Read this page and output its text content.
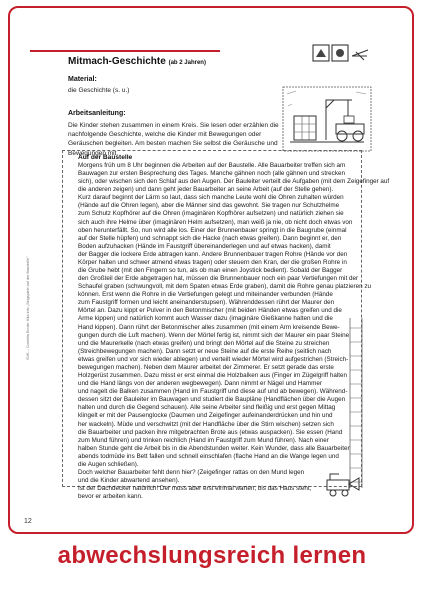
Mitmach-Geschichte (ab 2 Jahren)
Material:
die Geschichte (s. u.)
Arbeitsanleitung:
Die Kinder stehen zusammen in einem Kreis. Sie lesen oder erzählen die nachfolgende Geschichte, welche die Kinder mit Bewegungen oder Geräuschen begleiten. Am besten machen Sie selbst die Geräusche und Bewegungen mit.
Auf der Baustelle

Morgens früh um 8 Uhr beginnen die Arbeiten auf der Baustelle. Alle Bauarbeiter treffen sich am

Bauwagen zur ersten Besprechung des Tages. Manche gähnen noch (alle gähnen und strecken

sich), oder wischen sich den Schlaf aus den Augen. Der Bauleiter verteilt die Aufgaben (mit dem Zeigefinger auf

die anderen zeigen) und dann geht jeder Bauarbeiter an seine Arbeit (auf der Stelle gehen).

Kurz darauf beginnt der Lärm so laut, dass sich manche Leute wohl die Ohren zuhalten würden

(Hände auf die Ohren legen), aber die Männer sind das gewohnt. Sie tragen nur Schutzhelme

zum Schutz Kopfhörer auf die Ohren (imaginären Kopfhörer aufsetzen) und natürlich ziehen sie

sich auch ihre Helme über (imaginären Helm aufsetzen), man weiß ja nie, ob nicht doch etwas von

oben herunterfällt. So, nun wird alle los. Einer der Brunnenbauer springt in die Baugrube (einmal

auf der Stelle hüpfen) und schnappt sich die Hacke (nach etwas greifen). Dann beginnt er, den

Boden aufzuhacken (Hände im Faustgriff übereinanderlegen und auf etwas hacken), damit

der Bagger die lockere Erde abtragen kann. Andere Brunnenbauer tragen Rohre (Hände vor den

Körper halten und schwer atmend etwas tragen) oder steuern den Kran, der die großen Rohre in

die Grube hebt (mit den Fingern so tun, als ob man einen Joystick bedient). Sobald der Bagger

den Großteil der Erde abgetragen hat, müssen die Brunnenbauer noch ein paar Vertiefungen mit der

Schaufel graben (schwungvoll, mit dem Spaten etwas Erde graben), damit die Rohre genau platzieren zu

können. Erst wenn die Rohre in die Vertiefungen gelegt und miteinander verbunden (Hände

zum Faustgriff formen und leicht aneinanderstupsen). Währenddessen rührt der Maurer den

Mörtel an. Dazu kippt er Pulver in den Betonmischer (mit beiden Händen etwas greifen und die

Arme kippen) und natürlich kommt auch Wasser dazu (imaginäre Gießkanne halten und die

Hand kippen). Dann rührt der Betonmischer alles zusammen (mit einem Arm kreisende Bewe-

gungen durch die Luft machen). Wenn der Mörtel fertig ist, nimmt sich der Maurer ein paar Steine

und die Maurerkelle (nach etwas greifen) und bringt den Mörtel auf die Steine zu streichen

(Streichbewegungen machen). Dann setzt er neue Steine auf die erste Reihe (seitlich nach

etwas greifen und vor sich wieder ablegen) und verteilt wieder Mörtel wird aufgestrichen (Streich-

bewegungen machen). Neben dem Maurer arbeitet der Zimmerer. Er setzt gerade das erste

Holzgerüst zusammen. Dazu misst er erst einmal die Holzbalken aus (Finger im Zügelgriff halten

und die Hand längs von der anderen wegbewegen). Dann nimmt er Nägel und Hammer

und nagelt die Balken zusammen (Hand im Faustgriff und diese auf und ab bewegen). Während-

dessen sitzt der Bauleiter im Bauwagen und studiert die Baupläne (Handflächen über die Augen

halten und durch die Gegend schauen). Alle seine Arbeiter sind fleißig und erst gegen Mittag

klingelt er mit der Pausenglocke (Daumen und Zeigefinger aufeinanderdrücken und hin und

her wackeln). Müde und verschwitzt (mit der Handfläche über die Stirn wischen) setzen sich

die Bauarbeiter und packen ihre mitgebrachten Brote aus (etwas auspacken). Sie essen (Hand

zum Mund führen) und trinken reichlich (Hand im Faustgriff zum Mund führen). Nach einer

halben Stunde geht die Arbeit bis in die Abendstunden weiter. Kein Wunder, dass alle Bauarbeiter

abends todmüde ins Bett fallen und schnell einschlafen (flache Hand an die Wange legen und

die Augen schließen).

Doch welcher Bauarbeiter fehlt denn hier? (Zeigefinger rattas on den Mund legen

und die Kinder abwartend ansehen).

Ist der Dachdecker natürlich! Der muss aber erst einmal warten, bis das Haus steht,

bevor er arbeiten kann.

SVK – Cornelia Emde: Kita info „Singspiele auf der Baustelle"
12
abwechslungsreich lernen
